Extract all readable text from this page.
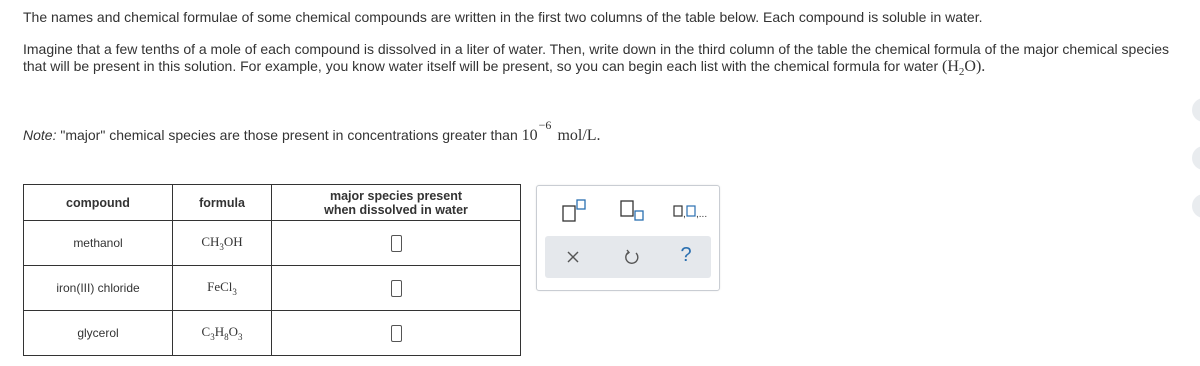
The names and chemical formulae of some chemical compounds are written in the first two columns of the table below. Each compound is soluble in water.
Imagine that a few tenths of a mole of each compound is dissolved in a liter of water. Then, write down in the third column of the table the chemical formula of the major chemical species that will be present in this solution. For example, you know water itself will be present, so you can begin each list with the chemical formula for water $(H_2O)$.
Note: "major" chemical species are those present in concentrations greater than 10−6mol/L.
compound	formula	major species present
when dissolved in water
methanol	$CH_3OH$	
iron(III) chloride	FeCl$_3$	
glycerol	$C_3H_8O_3$	
, ,...
?
